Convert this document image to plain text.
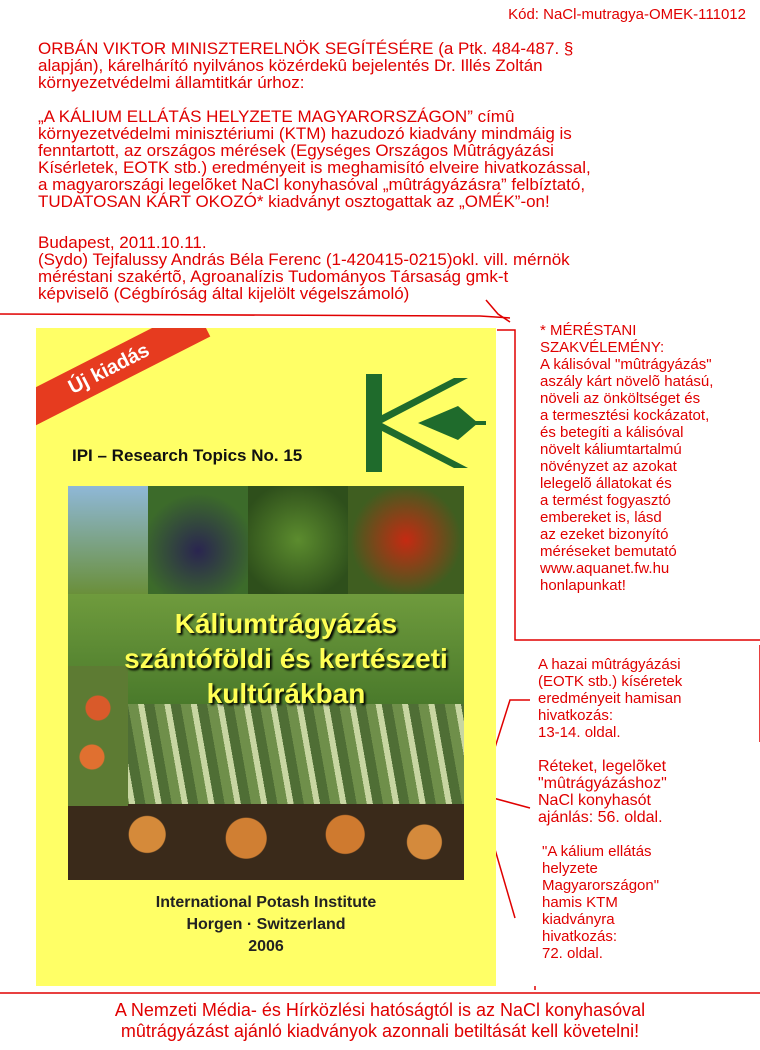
Kód: NaCl-mutragya-OMEK-111012
ORBÁN VIKTOR MINISZTERELNÖK SEGÍTÉSÉRE (a Ptk. 484-487. §
alapján), kárelhárító nyilvános közérdekû bejelentés Dr. Illés Zoltán
környezetvédelmi államtitkár úrhoz:
„A KÁLIUM ELLÁTÁS HELYZETE MAGYARORSZÁGON” címû
környezetvédelmi minisztériumi (KTM) hazudozó kiadvány mindmáig is
fenntartott, az országos mérések (Egységes Országos Mûtrágyázási
Kísérletek, EOTK stb.) eredményeit is meghamisító elveire hivatkozással,
a magyarországi legelõket NaCl konyhasóval „mûtrágyázásra” felbíztató,
TUDATOSAN KÁRT OKOZÓ* kiadványt osztogattak az „OMÉK”-on!
Budapest, 2011.10.11.
(Sydo) Tejfalussy András Béla Ferenc (1-420415-0215)okl. vill. mérnök
méréstani szakértõ, Agroanalízis Tudományos Társaság gmk-t
képviselõ (Cégbíróság által kijelölt végelszámoló)
Új kiadás
IPI – Research Topics No. 15
Káliumtrágyázás
szántóföldi és kertészeti
kultúrákban
International Potash Institute
Horgen · Switzerland
2006
* MÉRÉSTANI
SZAKVÉLEMÉNY:
A kálisóval "mûtrágyázás"
aszály kárt növelõ hatású,
növeli az önköltséget és
a termesztési kockázatot,
és betegíti a kálisóval
növelt káliumtartalmú
növényzet az azokat
lelegelõ állatokat és
a termést fogyasztó
embereket is, lásd
az ezeket bizonyító
méréseket bemutató
www.aquanet.fw.hu
honlapunkat!
A hazai mûtrágyázási
(EOTK stb.) kíséretek
eredményeit hamisan
hivatkozás:
13-14. oldal.
Réteket, legelõket
"mûtrágyázáshoz"
NaCl konyhasót
ajánlás: 56. oldal.
"A kálium ellátás
helyzete
Magyarországon"
hamis KTM
kiadványra
hivatkozás:
72. oldal.
A Nemzeti Média- és Hírközlési hatóságtól is az NaCl konyhasóval
mûtrágyázást ajánló kiadványok azonnali betiltását kell követelni!
